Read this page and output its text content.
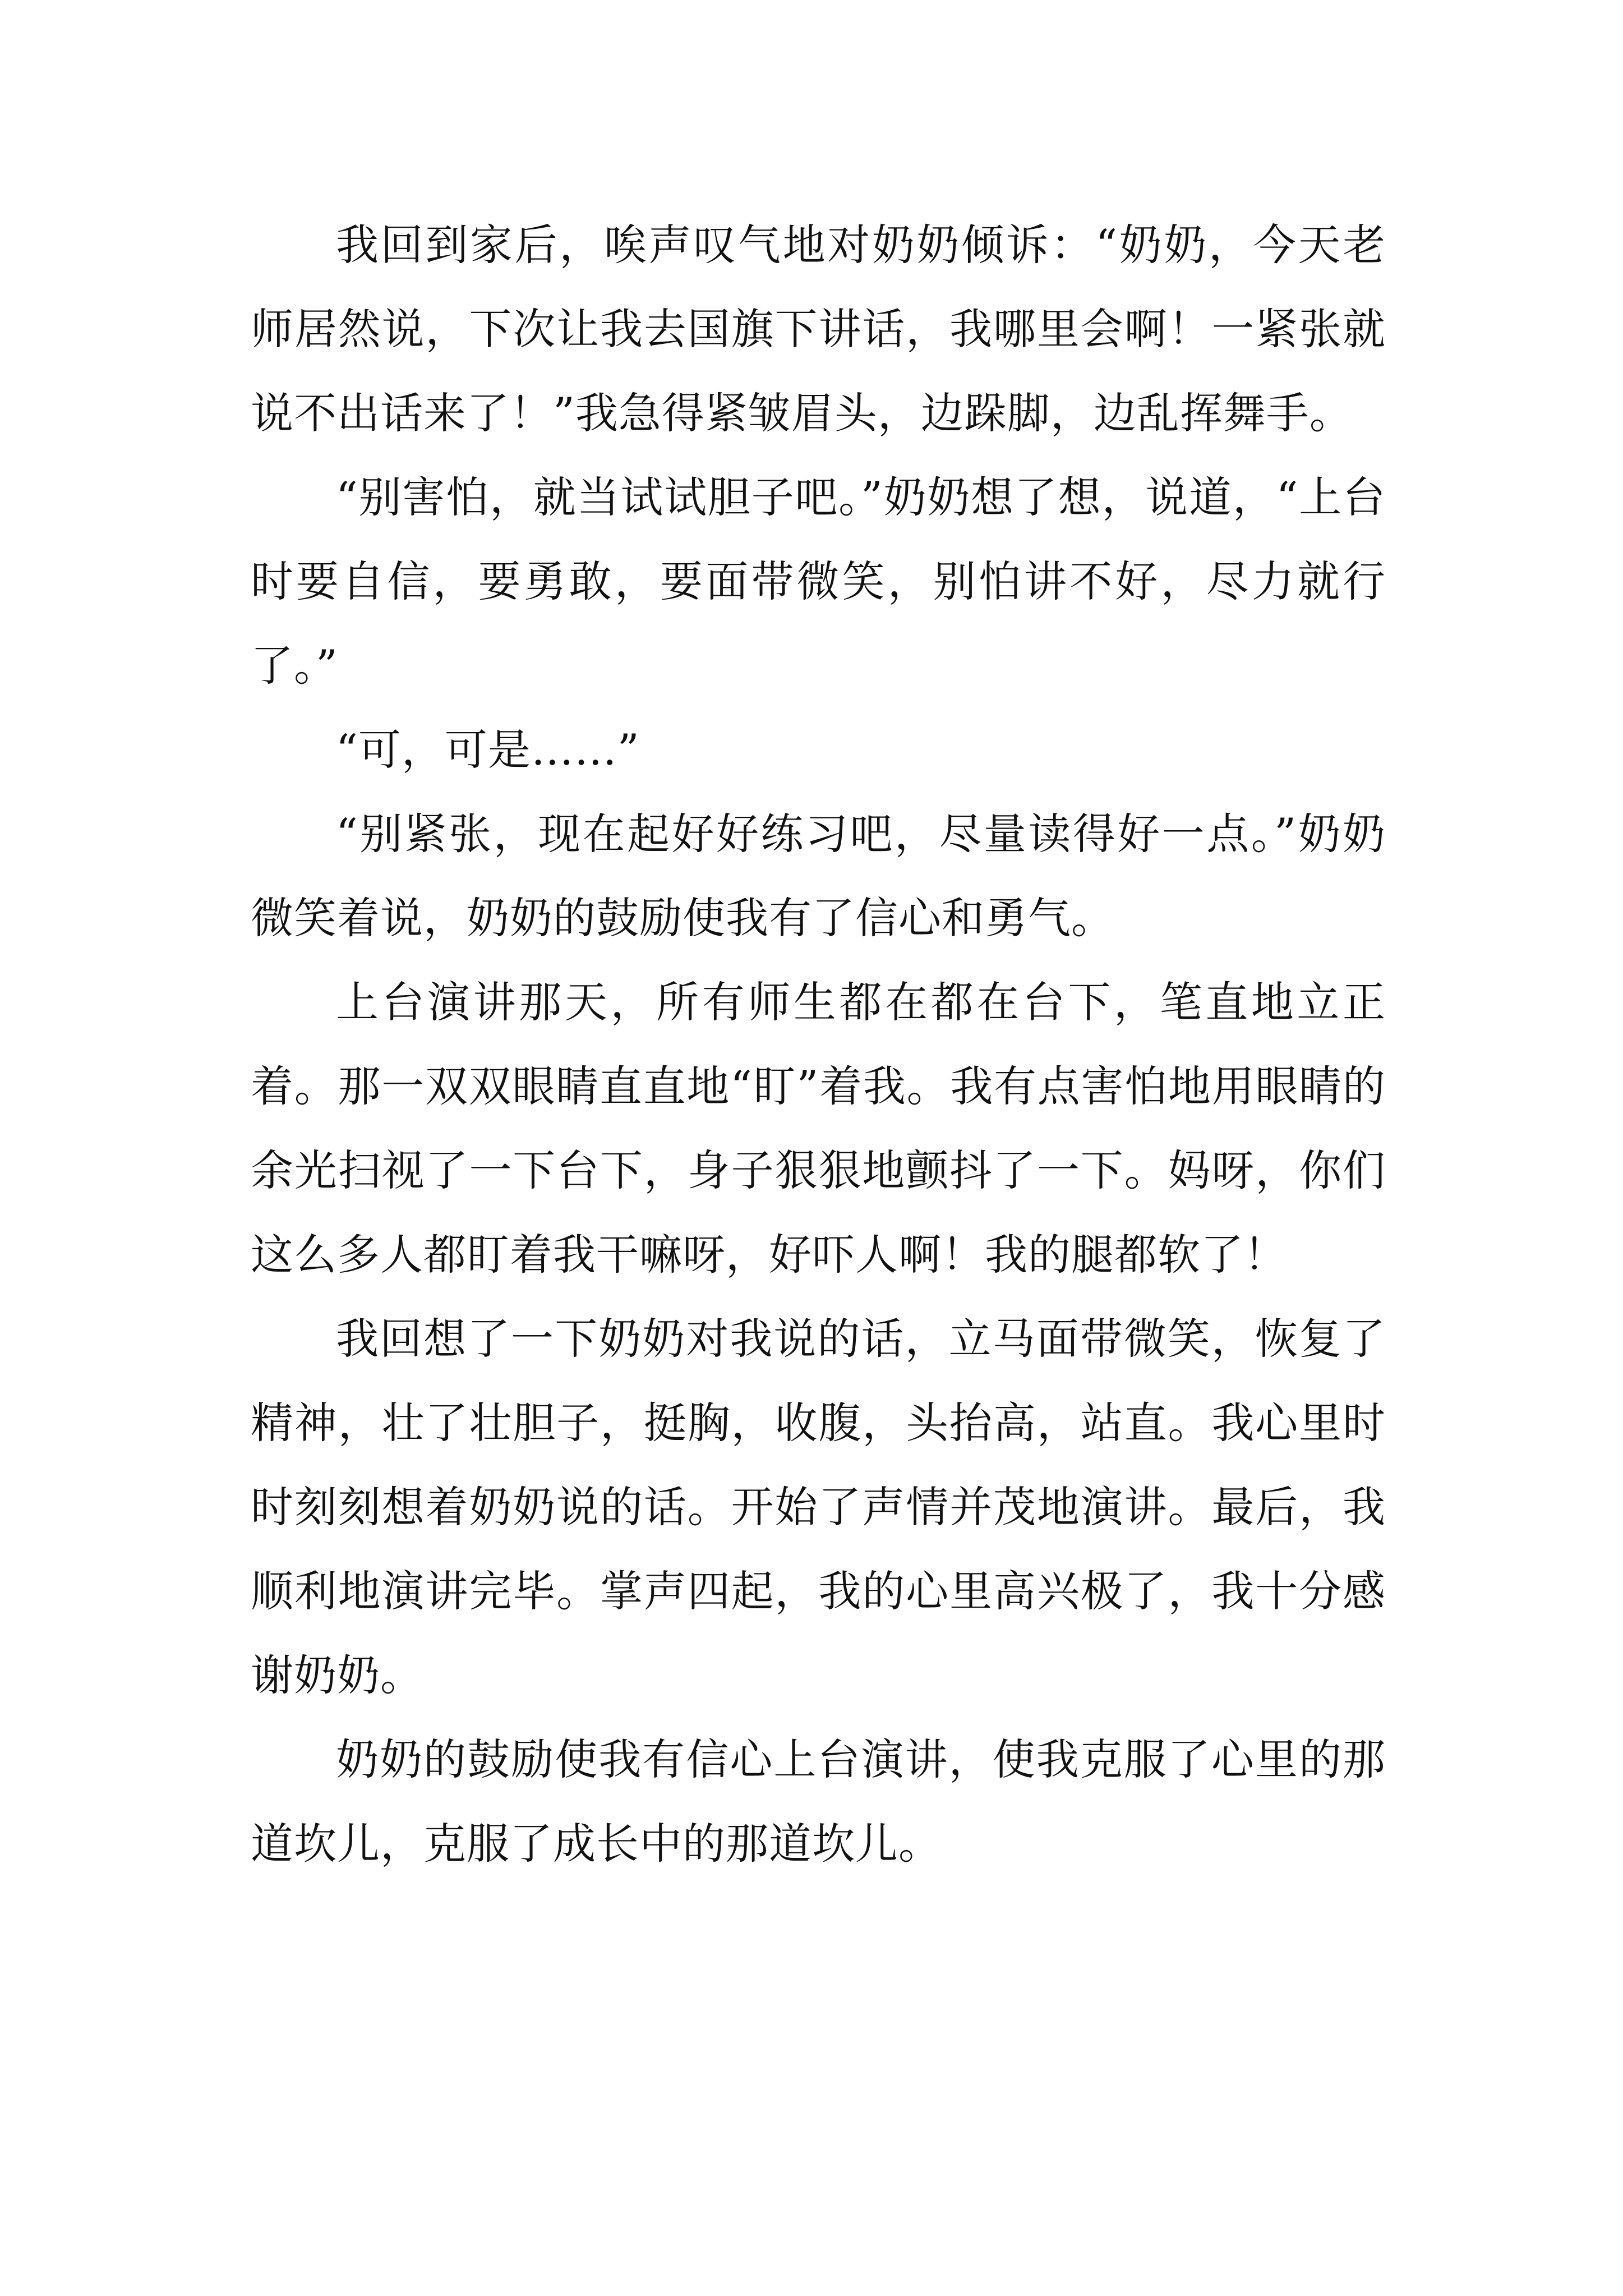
我回到家后，唉声叹气地对奶奶倾诉：“奶奶，今天老师居然说，下次让我去国旗下讲话，我哪里会啊！一紧张就说不出话来了！”我急得紧皱眉头，边跺脚，边乱挥舞手。

“别害怕，就当试试胆子吧。”奶奶想了想，说道，“上台时要自信，要勇敢，要面带微笑，别怕讲不好，尽力就行了。”

“可，可是……”

“别紧张，现在起好好练习吧，尽量读得好一点。”奶奶微笑着说，奶奶的鼓励使我有了信心和勇气。

上台演讲那天，所有师生都在都在台下，笔直地立正着。那一双双眼睛直直地“盯”着我。我有点害怕地用眼睛的余光扫视了一下台下，身子狠狠地颤抖了一下。妈呀，你们这么多人都盯着我干嘛呀，好吓人啊！我的腿都软了！

我回想了一下奶奶对我说的话，立马面带微笑，恢复了精神，壮了壮胆子，挺胸，收腹，头抬高，站直。我心里时时刻刻想着奶奶说的话。开始了声情并茂地演讲。最后，我顺利地演讲完毕。掌声四起，我的心里高兴极了，我十分感谢奶奶。

奶奶的鼓励使我有信心上台演讲，使我克服了心里的那道坎儿，克服了成长中的那道坎儿。
